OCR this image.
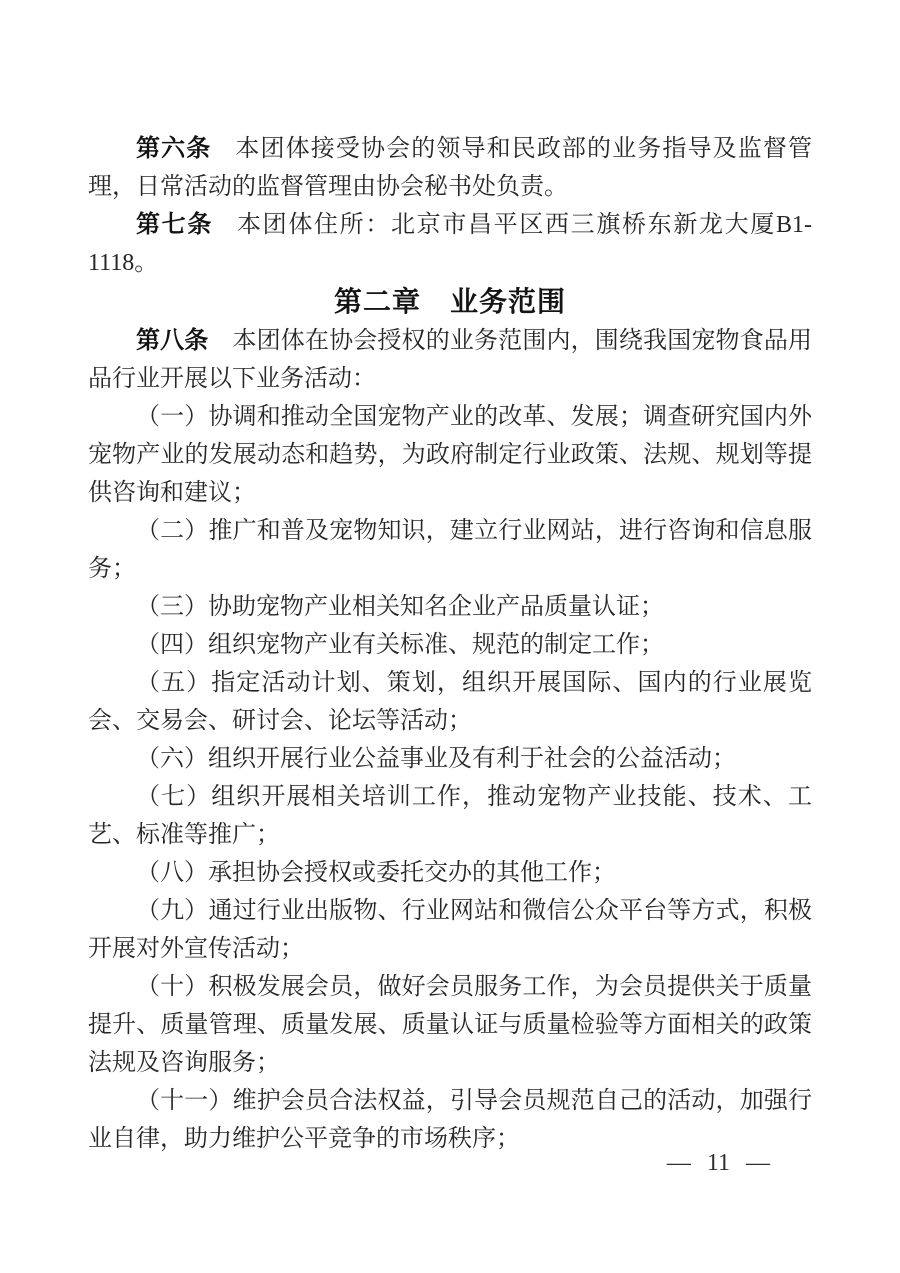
第六条 本团体接受协会的领导和民政部的业务指导及监督管理，日常活动的监督管理由协会秘书处负责。

第七条 本团体住所：北京市昌平区西三旗桥东新龙大厦B1-1118。

第二章　业务范围

第八条 本团体在协会授权的业务范围内，围绕我国宠物食品用品行业开展以下业务活动：

（一）协调和推动全国宠物产业的改革、发展；调查研究国内外宠物产业的发展动态和趋势，为政府制定行业政策、法规、规划等提供咨询和建议；

（二）推广和普及宠物知识，建立行业网站，进行咨询和信息服务；

（三）协助宠物产业相关知名企业产品质量认证；

（四）组织宠物产业有关标准、规范的制定工作；

（五）指定活动计划、策划，组织开展国际、国内的行业展览会、交易会、研讨会、论坛等活动；

（六）组织开展行业公益事业及有利于社会的公益活动；

（七）组织开展相关培训工作，推动宠物产业技能、技术、工艺、标准等推广；

（八）承担协会授权或委托交办的其他工作；

（九）通过行业出版物、行业网站和微信公众平台等方式，积极开展对外宣传活动；

（十）积极发展会员，做好会员服务工作，为会员提供关于质量提升、质量管理、质量发展、质量认证与质量检验等方面相关的政策法规及咨询服务；

（十一）维护会员合法权益，引导会员规范自己的活动，加强行业自律，助力维护公平竞争的市场秩序；

— 11 —
